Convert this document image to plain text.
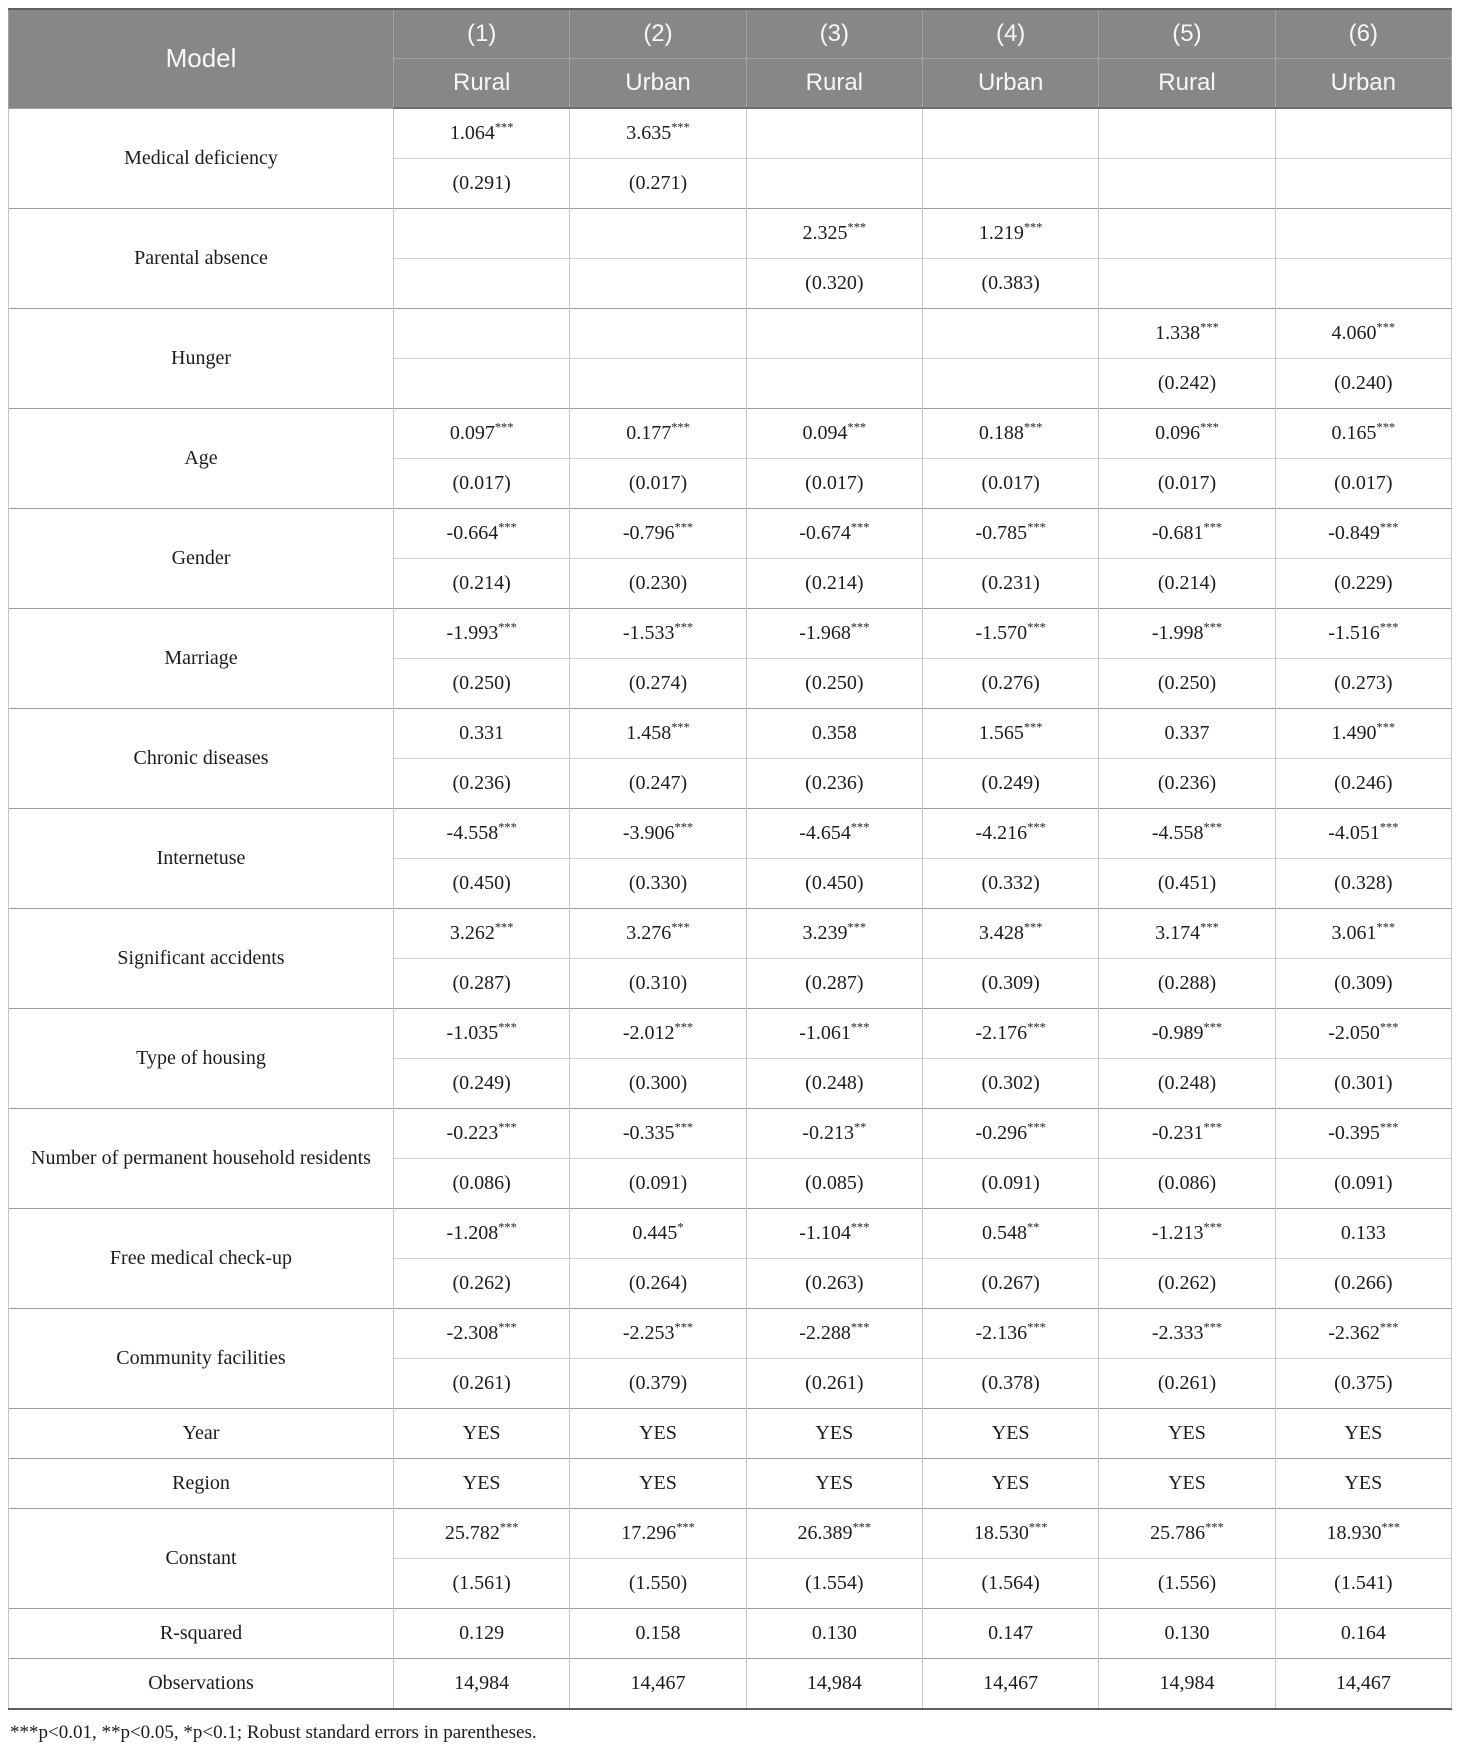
Model	(1)	(2)	(3)	(4)	(5)	(6)
	Rural	Urban	Rural	Urban	Rural	Urban
Medical deficiency	1.064***	3.635***				
	(0.291)	(0.271)				
Parental absence			2.325***	1.219***		
			(0.320)	(0.383)		
Hunger					1.338***	4.060***
					(0.242)	(0.240)
Age	0.097***	0.177***	0.094***	0.188***	0.096***	0.165***
	(0.017)	(0.017)	(0.017)	(0.017)	(0.017)	(0.017)
Gender	-0.664***	-0.796***	-0.674***	-0.785***	-0.681***	-0.849***
	(0.214)	(0.230)	(0.214)	(0.231)	(0.214)	(0.229)
Marriage	-1.993***	-1.533***	-1.968***	-1.570***	-1.998***	-1.516***
	(0.250)	(0.274)	(0.250)	(0.276)	(0.250)	(0.273)
Chronic diseases	0.331	1.458***	0.358	1.565***	0.337	1.490***
	(0.236)	(0.247)	(0.236)	(0.249)	(0.236)	(0.246)
Internetuse	-4.558***	-3.906***	-4.654***	-4.216***	-4.558***	-4.051***
	(0.450)	(0.330)	(0.450)	(0.332)	(0.451)	(0.328)
Significant accidents	3.262***	3.276***	3.239***	3.428***	3.174***	3.061***
	(0.287)	(0.310)	(0.287)	(0.309)	(0.288)	(0.309)
Type of housing	-1.035***	-2.012***	-1.061***	-2.176***	-0.989***	-2.050***
	(0.249)	(0.300)	(0.248)	(0.302)	(0.248)	(0.301)
Number of permanent household residents	-0.223***	-0.335***	-0.213**	-0.296***	-0.231***	-0.395***
	(0.086)	(0.091)	(0.085)	(0.091)	(0.086)	(0.091)
Free medical check-up	-1.208***	0.445*	-1.104***	0.548**	-1.213***	0.133
	(0.262)	(0.264)	(0.263)	(0.267)	(0.262)	(0.266)
Community facilities	-2.308***	-2.253***	-2.288***	-2.136***	-2.333***	-2.362***
	(0.261)	(0.379)	(0.261)	(0.378)	(0.261)	(0.375)
Year	YES	YES	YES	YES	YES	YES
Region	YES	YES	YES	YES	YES	YES
Constant	25.782***	17.296***	26.389***	18.530***	25.786***	18.930***
	(1.561)	(1.550)	(1.554)	(1.564)	(1.556)	(1.541)
R-squared	0.129	0.158	0.130	0.147	0.130	0.164
Observations	14,984	14,467	14,984	14,467	14,984	14,467
***p<0.01, **p<0.05, *p<0.1; Robust standard errors in parentheses.
